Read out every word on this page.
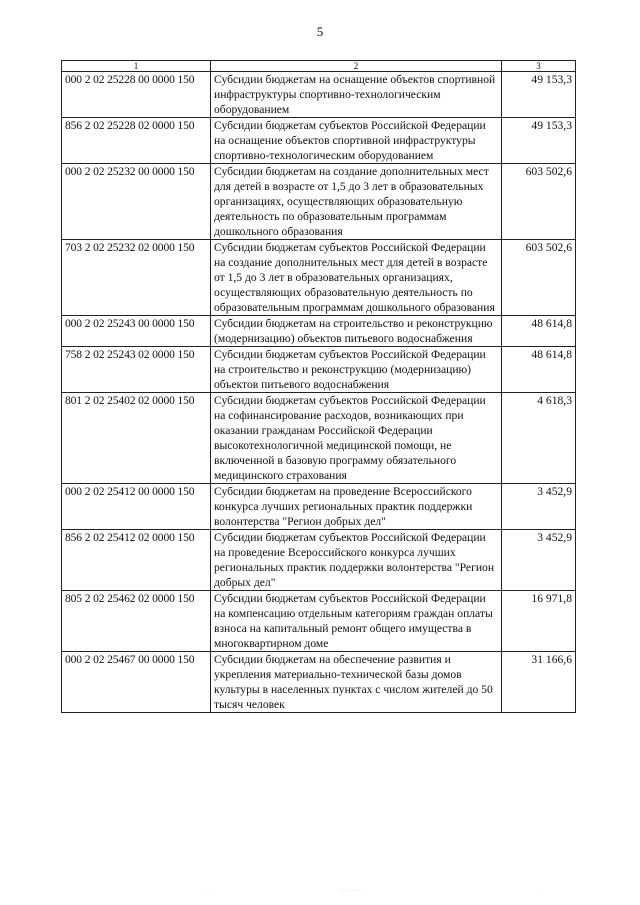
5
1	2	3
000 2 02 25228 00 0000 150	Субсидии бюджетам на оснащение объектов спортивной инфраструктуры спортивно-технологическим оборудованием	49 153,3
856 2 02 25228 02 0000 150	Субсидии бюджетам субъектов Российской Федерации на оснащение объектов спортивной инфраструктуры спортивно-технологическим оборудованием	49 153,3
000 2 02 25232 00 0000 150	Субсидии бюджетам на создание дополнительных мест для детей в возрасте от 1,5 до 3 лет в образовательных организациях, осуществляющих образовательную деятельность по образовательным программам дошкольного образования	603 502,6
703 2 02 25232 02 0000 150	Субсидии бюджетам субъектов Российской Федерации на создание дополнительных мест для детей в возрасте от 1,5 до 3 лет в образовательных организациях, осуществляющих образовательную деятельность по образовательным программам дошкольного образования	603 502,6
000 2 02 25243 00 0000 150	Субсидии бюджетам на строительство и реконструкцию (модернизацию) объектов питьевого водоснабжения	48 614,8
758 2 02 25243 02 0000 150	Субсидии бюджетам субъектов Российской Федерации на строительство и реконструкцию (модернизацию) объектов питьевого водоснабжения	48 614,8
801 2 02 25402 02 0000 150	Субсидии бюджетам субъектов Российской Федерации на софинансирование расходов, возникающих при оказании гражданам Российской Федерации высокотехнологичной медицинской помощи, не включенной в базовую программу обязательного медицинского страхования	4 618,3
000 2 02 25412 00 0000 150	Субсидии бюджетам на проведение Всероссийского конкурса лучших региональных практик поддержки волонтерства "Регион добрых дел"	3 452,9
856 2 02 25412 02 0000 150	Субсидии бюджетам субъектов Российской Федерации на проведение Всероссийского конкурса лучших региональных практик поддержки волонтерства "Регион добрых дел"	3 452,9
805 2 02 25462 02 0000 150	Субсидии бюджетам субъектов Российской Федерации на компенсацию отдельным категориям граждан оплаты взноса на капитальный ремонт общего имущества в многоквартирном доме	16 971,8
000 2 02 25467 00 0000 150	Субсидии бюджетам на обеспечение развития и укрепления материально-технической базы домов культуры в населенных пунктах с числом жителей до 50 тысяч человек	31 166,6
· ·· ·	······· ·	· ·
